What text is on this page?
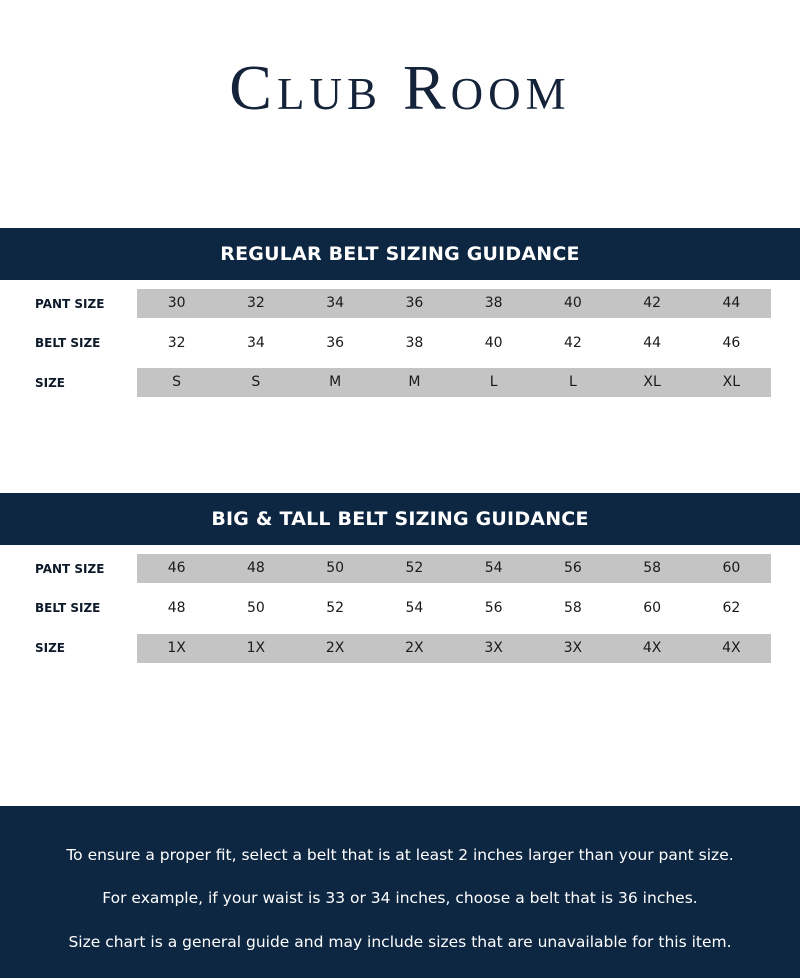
Club Room
REGULAR BELT SIZING GUIDANCE
PANT SIZE	30	32	34	36	38	40	42	44
BELT SIZE	32	34	36	38	40	42	44	46
SIZE	S	S	M	M	L	L	XL	XL
BIG & TALL BELT SIZING GUIDANCE
PANT SIZE	46	48	50	52	54	56	58	60
BELT SIZE	48	50	52	54	56	58	60	62
SIZE	1X	1X	2X	2X	3X	3X	4X	4X

To ensure a proper fit, select a belt that is at least 2 inches larger than your pant size.

For example, if your waist is 33 or 34 inches, choose a belt that is 36 inches.

Size chart is a general guide and may include sizes that are unavailable for this item.
